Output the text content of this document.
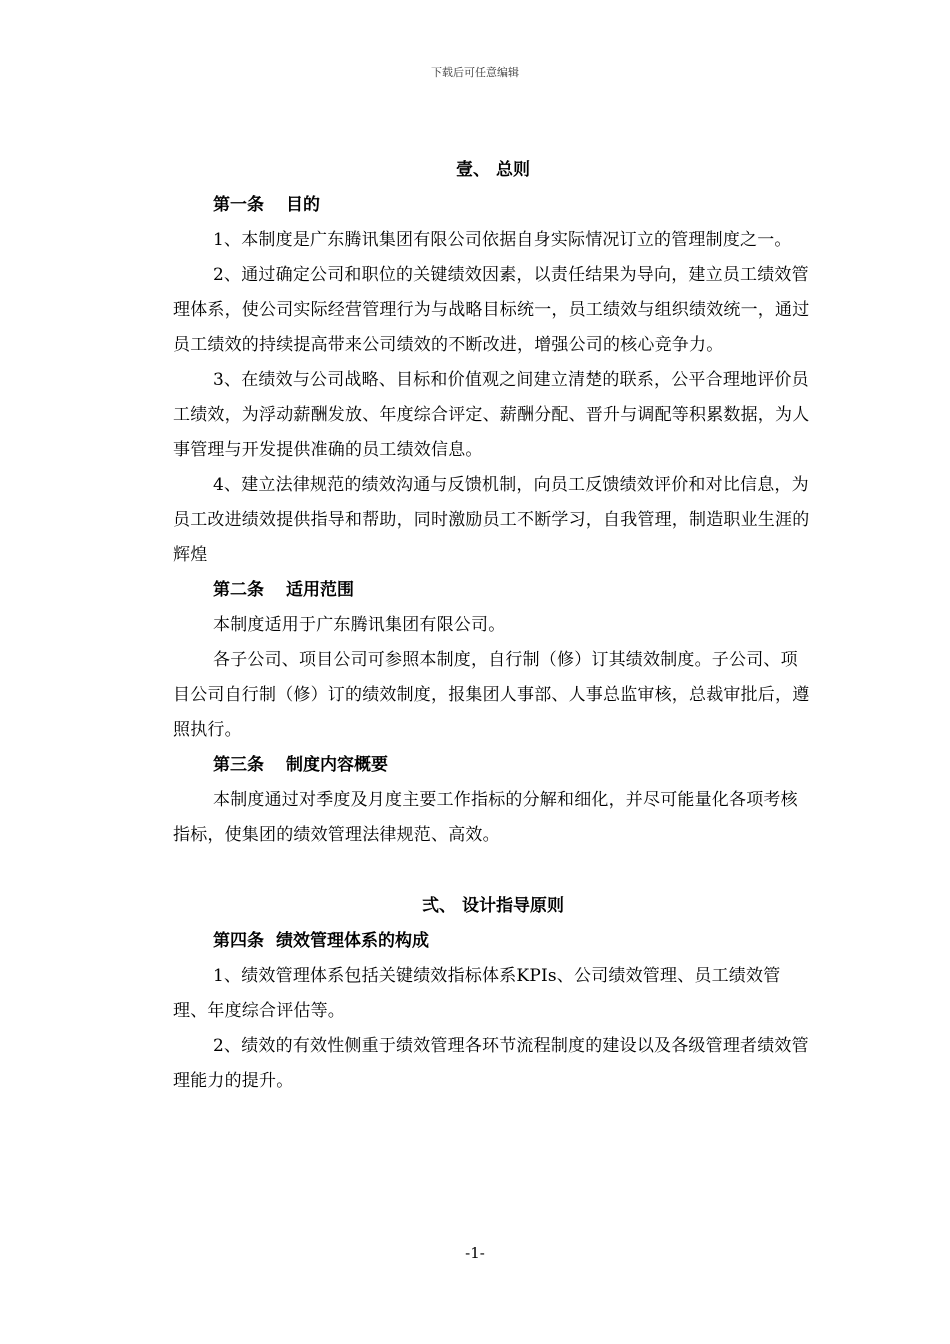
下载后可任意编辑
壹、 总则
第一条 目的

1、本制度是广东腾讯集团有限公司依据自身实际情况订立的管理制度之一。

2、通过确定公司和职位的关键绩效因素，以责任结果为导向，建立员工绩效管理体系，使公司实际经营管理行为与战略目标统一，员工绩效与组织绩效统一，通过员工绩效的持续提高带来公司绩效的不断改进，增强公司的核心竞争力。

3、在绩效与公司战略、目标和价值观之间建立清楚的联系，公平合理地评价员工绩效，为浮动薪酬发放、年度综合评定、薪酬分配、晋升与调配等积累数据，为人事管理与开发提供准确的员工绩效信息。

4、建立法律规范的绩效沟通与反馈机制，向员工反馈绩效评价和对比信息，为员工改进绩效提供指导和帮助，同时激励员工不断学习，自我管理，制造职业生涯的辉煌

第二条 适用范围

本制度适用于广东腾讯集团有限公司。

各子公司、项目公司可参照本制度，自行制（修）订其绩效制度。子公司、项目公司自行制（修）订的绩效制度，报集团人事部、人事总监审核，总裁审批后，遵照执行。

第三条 制度内容概要

本制度通过对季度及月度主要工作指标的分解和细化，并尽可能量化各项考核指标，使集团的绩效管理法律规范、高效。

弍、 设计指导原则
第四条 绩效管理体系的构成

1、绩效管理体系包括关键绩效指标体系KPIs、公司绩效管理、员工绩效管理、年度综合评估等。

2、绩效的有效性侧重于绩效管理各环节流程制度的建设以及各级管理者绩效管理能力的提升。

-1-
